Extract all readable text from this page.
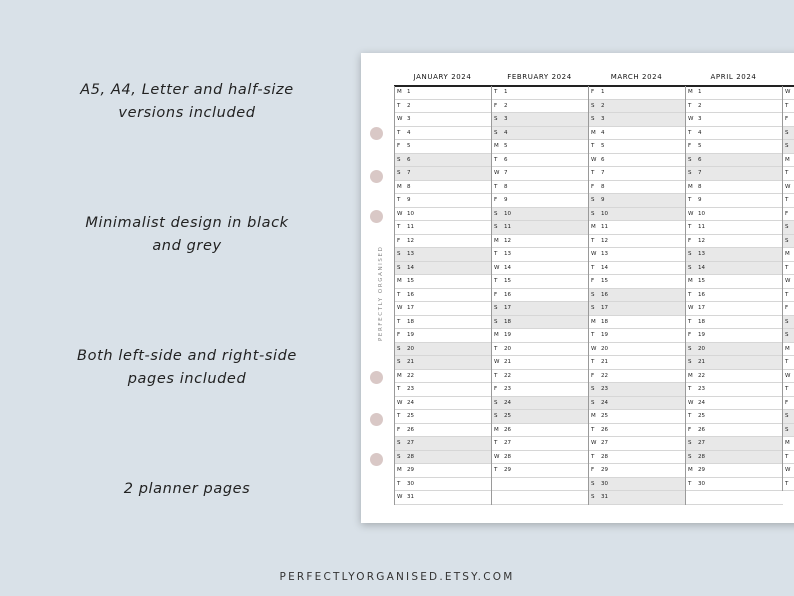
A5, A4, Letter and half-size
versions included
Minimalist design in black
and grey
Both left-side and right-side
pages included
2 planner pages
PERFECTLY ORGANISED
JANUARY 2024
M 1
T 2
W 3
T 4
F 5
S 6
S 7
M 8
T 9
W 10
T 11
F 12
S 13
S 14
M 15
T 16
W 17
T 18
F 19
S 20
S 21
M 22
T 23
W 24
T 25
F 26
S 27
S 28
M 29
T 30
W 31
FEBRUARY 2024
T 1
F 2
S 3
S 4
M 5
T 6
W 7
T 8
F 9
S 10
S 11
M 12
T 13
W 14
T 15
F 16
S 17
S 18
M 19
T 20
W 21
T 22
F 23
S 24
S 25
M 26
T 27
W 28
T 29
MARCH 2024
F 1
S 2
S 3
M 4
T 5
W 6
T 7
F 8
S 9
S 10
M 11
T 12
W 13
T 14
F 15
S 16
S 17
M 18
T 19
W 20
T 21
F 22
S 23
S 24
M 25
T 26
W 27
T 28
F 29
S 30
S 31
APRIL 2024
M 1
T 2
W 3
T 4
F 5
S 6
S 7
M 8
T 9
W 10
T 11
F 12
S 13
S 14
M 15
T 16
W 17
T 18
F 19
S 20
S 21
M 22
T 23
W 24
T 25
F 26
S 27
S 28
M 29
T 30
W
T
F
S
S
M
T
W
T
F
S
S
M
T
W
T
F
S
S
M
T
W
T
F
S
S
M
T
W
T
PERFECTLYORGANISED.ETSY.COM
